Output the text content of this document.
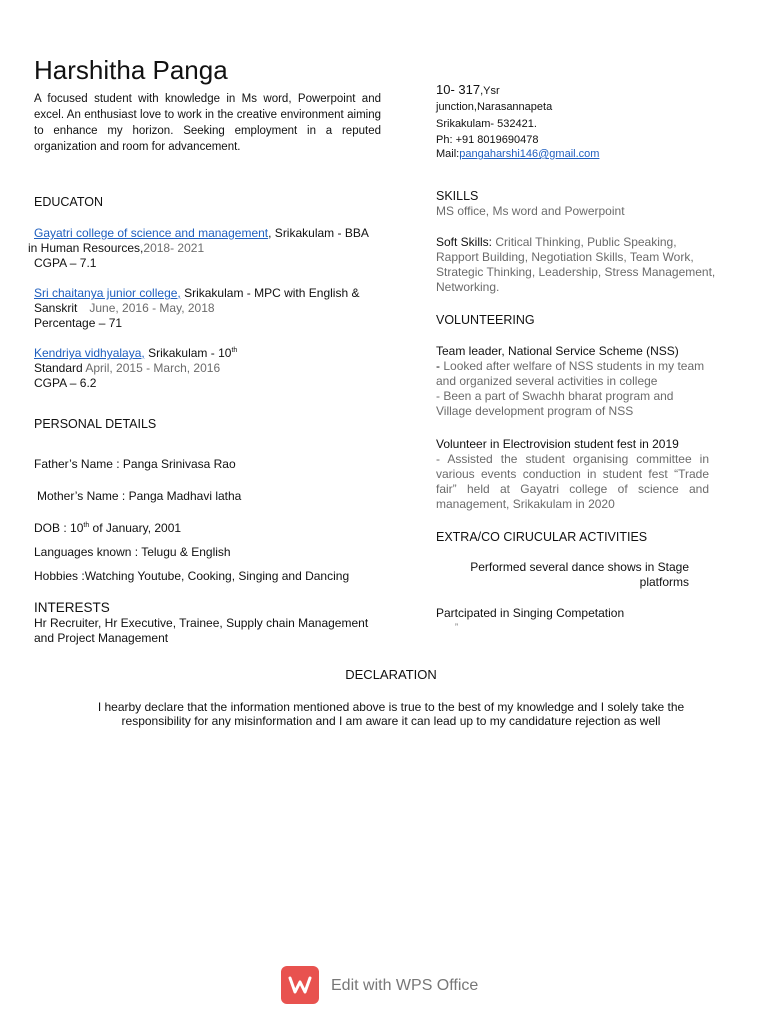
Harshitha Panga
A focused student with knowledge in Ms word, Powerpoint and excel. An enthusiast love to work in the creative environment aiming to enhance my horizon. Seeking employment in a reputed organization and room for advancement.
10- 317,Ysr
junction,Narasannapeta
Srikakulam- 532421.
Ph: +91 8019690478
Mail:pangaharshi146@gmail.com
EDUCATON
Gayatri college of science and management, Srikakulam - BBA
in Human Resources,2018- 2021
CGPA – 7.1
Sri chaitanya junior college, Srikakulam - MPC with English &
Sanskrit June, 2016 - May, 2018
Percentage – 71
Kendriya vidhyalaya, Srikakulam - 10th
Standard April, 2015 - March, 2016
CGPA – 6.2
PERSONAL DETAILS
Father’s Name : Panga Srinivasa Rao
Mother’s Name : Panga Madhavi latha
DOB : 10th of January, 2001
Languages known : Telugu & English
Hobbies :Watching Youtube, Cooking, Singing and Dancing
INTERESTS
Hr Recruiter, Hr Executive, Trainee, Supply chain Management
and Project Management
SKILLS
MS office, Ms word and Powerpoint
Soft Skills: Critical Thinking, Public Speaking,
Rapport Building, Negotiation Skills, Team Work,
Strategic Thinking, Leadership, Stress Management,
Networking.
VOLUNTEERING
Team leader, National Service Scheme (NSS)
- Looked after welfare of NSS students in my team
and organized several activities in college
- Been a part of Swachh bharat program and
Village development program of NSS
Volunteer in Electrovision student fest in 2019
- Assisted the student organising committee in various events conduction in student fest “Trade fair” held at Gayatri college of science and management, Srikakulam in 2020
EXTRA/CO CIRUCULAR ACTIVITIES
Performed several dance shows in Stage
platforms
Partcipated in Singing Competation
”
DECLARATION
I hearby declare that the information mentioned above is true to the best of my knowledge and I solely take the
responsibility for any misinformation and I am aware it can lead up to my candidature rejection as well
Edit with WPS Office
